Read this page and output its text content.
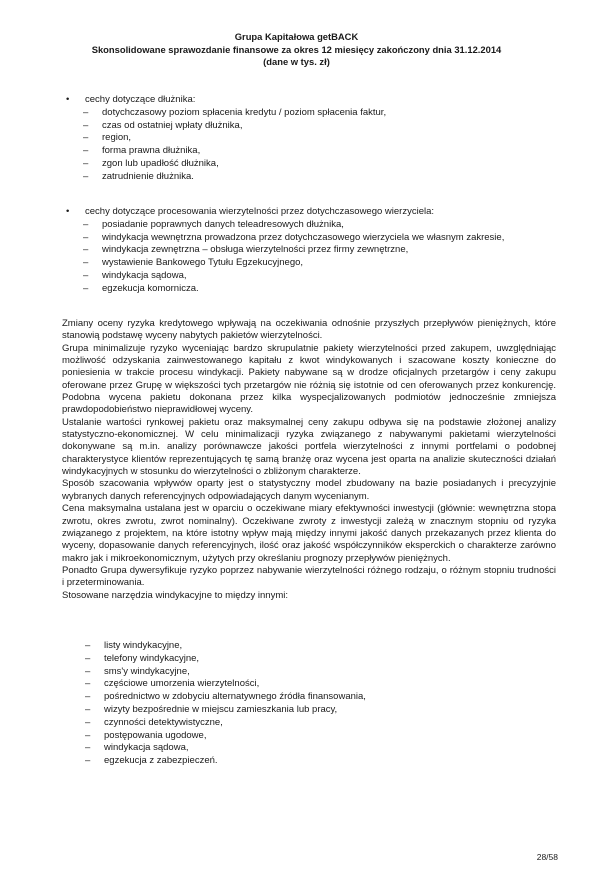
Grupa Kapitałowa getBACK
Skonsolidowane sprawozdanie finansowe za okres 12 miesięcy zakończony dnia 31.12.2014
(dane w tys. zł)
• cechy dotyczące dłużnika:
– dotychczasowy poziom spłacenia kredytu / poziom spłacenia faktur,
– czas od ostatniej wpłaty dłużnika,
– region,
– forma prawna dłużnika,
– zgon lub upadłość dłużnika,
– zatrudnienie dłużnika.
• cechy dotyczące procesowania wierzytelności przez dotychczasowego wierzyciela:
– posiadanie poprawnych danych teleadresowych dłużnika,
– windykacja wewnętrzna prowadzona przez dotychczasowego wierzyciela we własnym zakresie,
– windykacja zewnętrzna – obsługa wierzytelności przez firmy zewnętrzne,
– wystawienie Bankowego Tytułu Egzekucyjnego,
– windykacja sądowa,
– egzekucja komornicza.

Zmiany oceny ryzyka kredytowego wpływają na oczekiwania odnośnie przyszłych przepływów pieniężnych, które stanowią podstawę wyceny nabytych pakietów wierzytelności.

Grupa minimalizuje ryzyko wyceniając bardzo skrupulatnie pakiety wierzytelności przed zakupem, uwzględniając możliwość odzyskania zainwestowanego kapitału z kwot windykowanych i szacowane koszty konieczne do poniesienia w trakcie procesu windykacji. Pakiety nabywane są w drodze oficjalnych przetargów i ceny zakupu oferowane przez Grupę w większości tych przetargów nie różnią się istotnie od cen oferowanych przez konkurencję. Podobna wycena pakietu dokonana przez kilka wyspecjalizowanych podmiotów jednocześnie zmniejsza prawdopodobieństwo nieprawidłowej wyceny.

Ustalanie wartości rynkowej pakietu oraz maksymalnej ceny zakupu odbywa się na podstawie złożonej analizy statystyczno-ekonomicznej. W celu minimalizacji ryzyka związanego z nabywanymi pakietami wierzytelności dokonywane są m.in. analizy porównawcze jakości portfela wierzytelności z innymi portfelami o podobnej charakterystyce klientów reprezentujących tę samą branżę oraz wycena jest oparta na analizie skuteczności działań windykacyjnych w stosunku do wierzytelności o zbliżonym charakterze.

Sposób szacowania wpływów oparty jest o statystyczny model zbudowany na bazie posiadanych i precyzyjnie wybranych danych referencyjnych odpowiadających danym wycenianym.

Cena maksymalna ustalana jest w oparciu o oczekiwane miary efektywności inwestycji (głównie: wewnętrzna stopa zwrotu, okres zwrotu, zwrot nominalny). Oczekiwane zwroty z inwestycji zależą w znacznym stopniu od ryzyka związanego z projektem, na które istotny wpływ mają między innymi jakość danych przekazanych przez klienta do wyceny, dopasowanie danych referencyjnych, ilość oraz jakość współczynników eksperckich o charakterze zarówno makro jak i mikroekonomicznym, użytych przy określaniu prognozy przepływów pieniężnych.

Ponadto Grupa dywersyfikuje ryzyko poprzez nabywanie wierzytelności różnego rodzaju, o różnym stopniu trudności i przeterminowania.

Stosowane narzędzia windykacyjne to między innymi:

– listy windykacyjne,
– telefony windykacyjne,
– sms'y windykacyjne,
– częściowe umorzenia wierzytelności,
– pośrednictwo w zdobyciu alternatywnego źródła finansowania,
– wizyty bezpośrednie w miejscu zamieszkania lub pracy,
– czynności detektywistyczne,
– postępowania ugodowe,
– windykacja sądowa,
– egzekucja z zabezpieczeń.
28/58
